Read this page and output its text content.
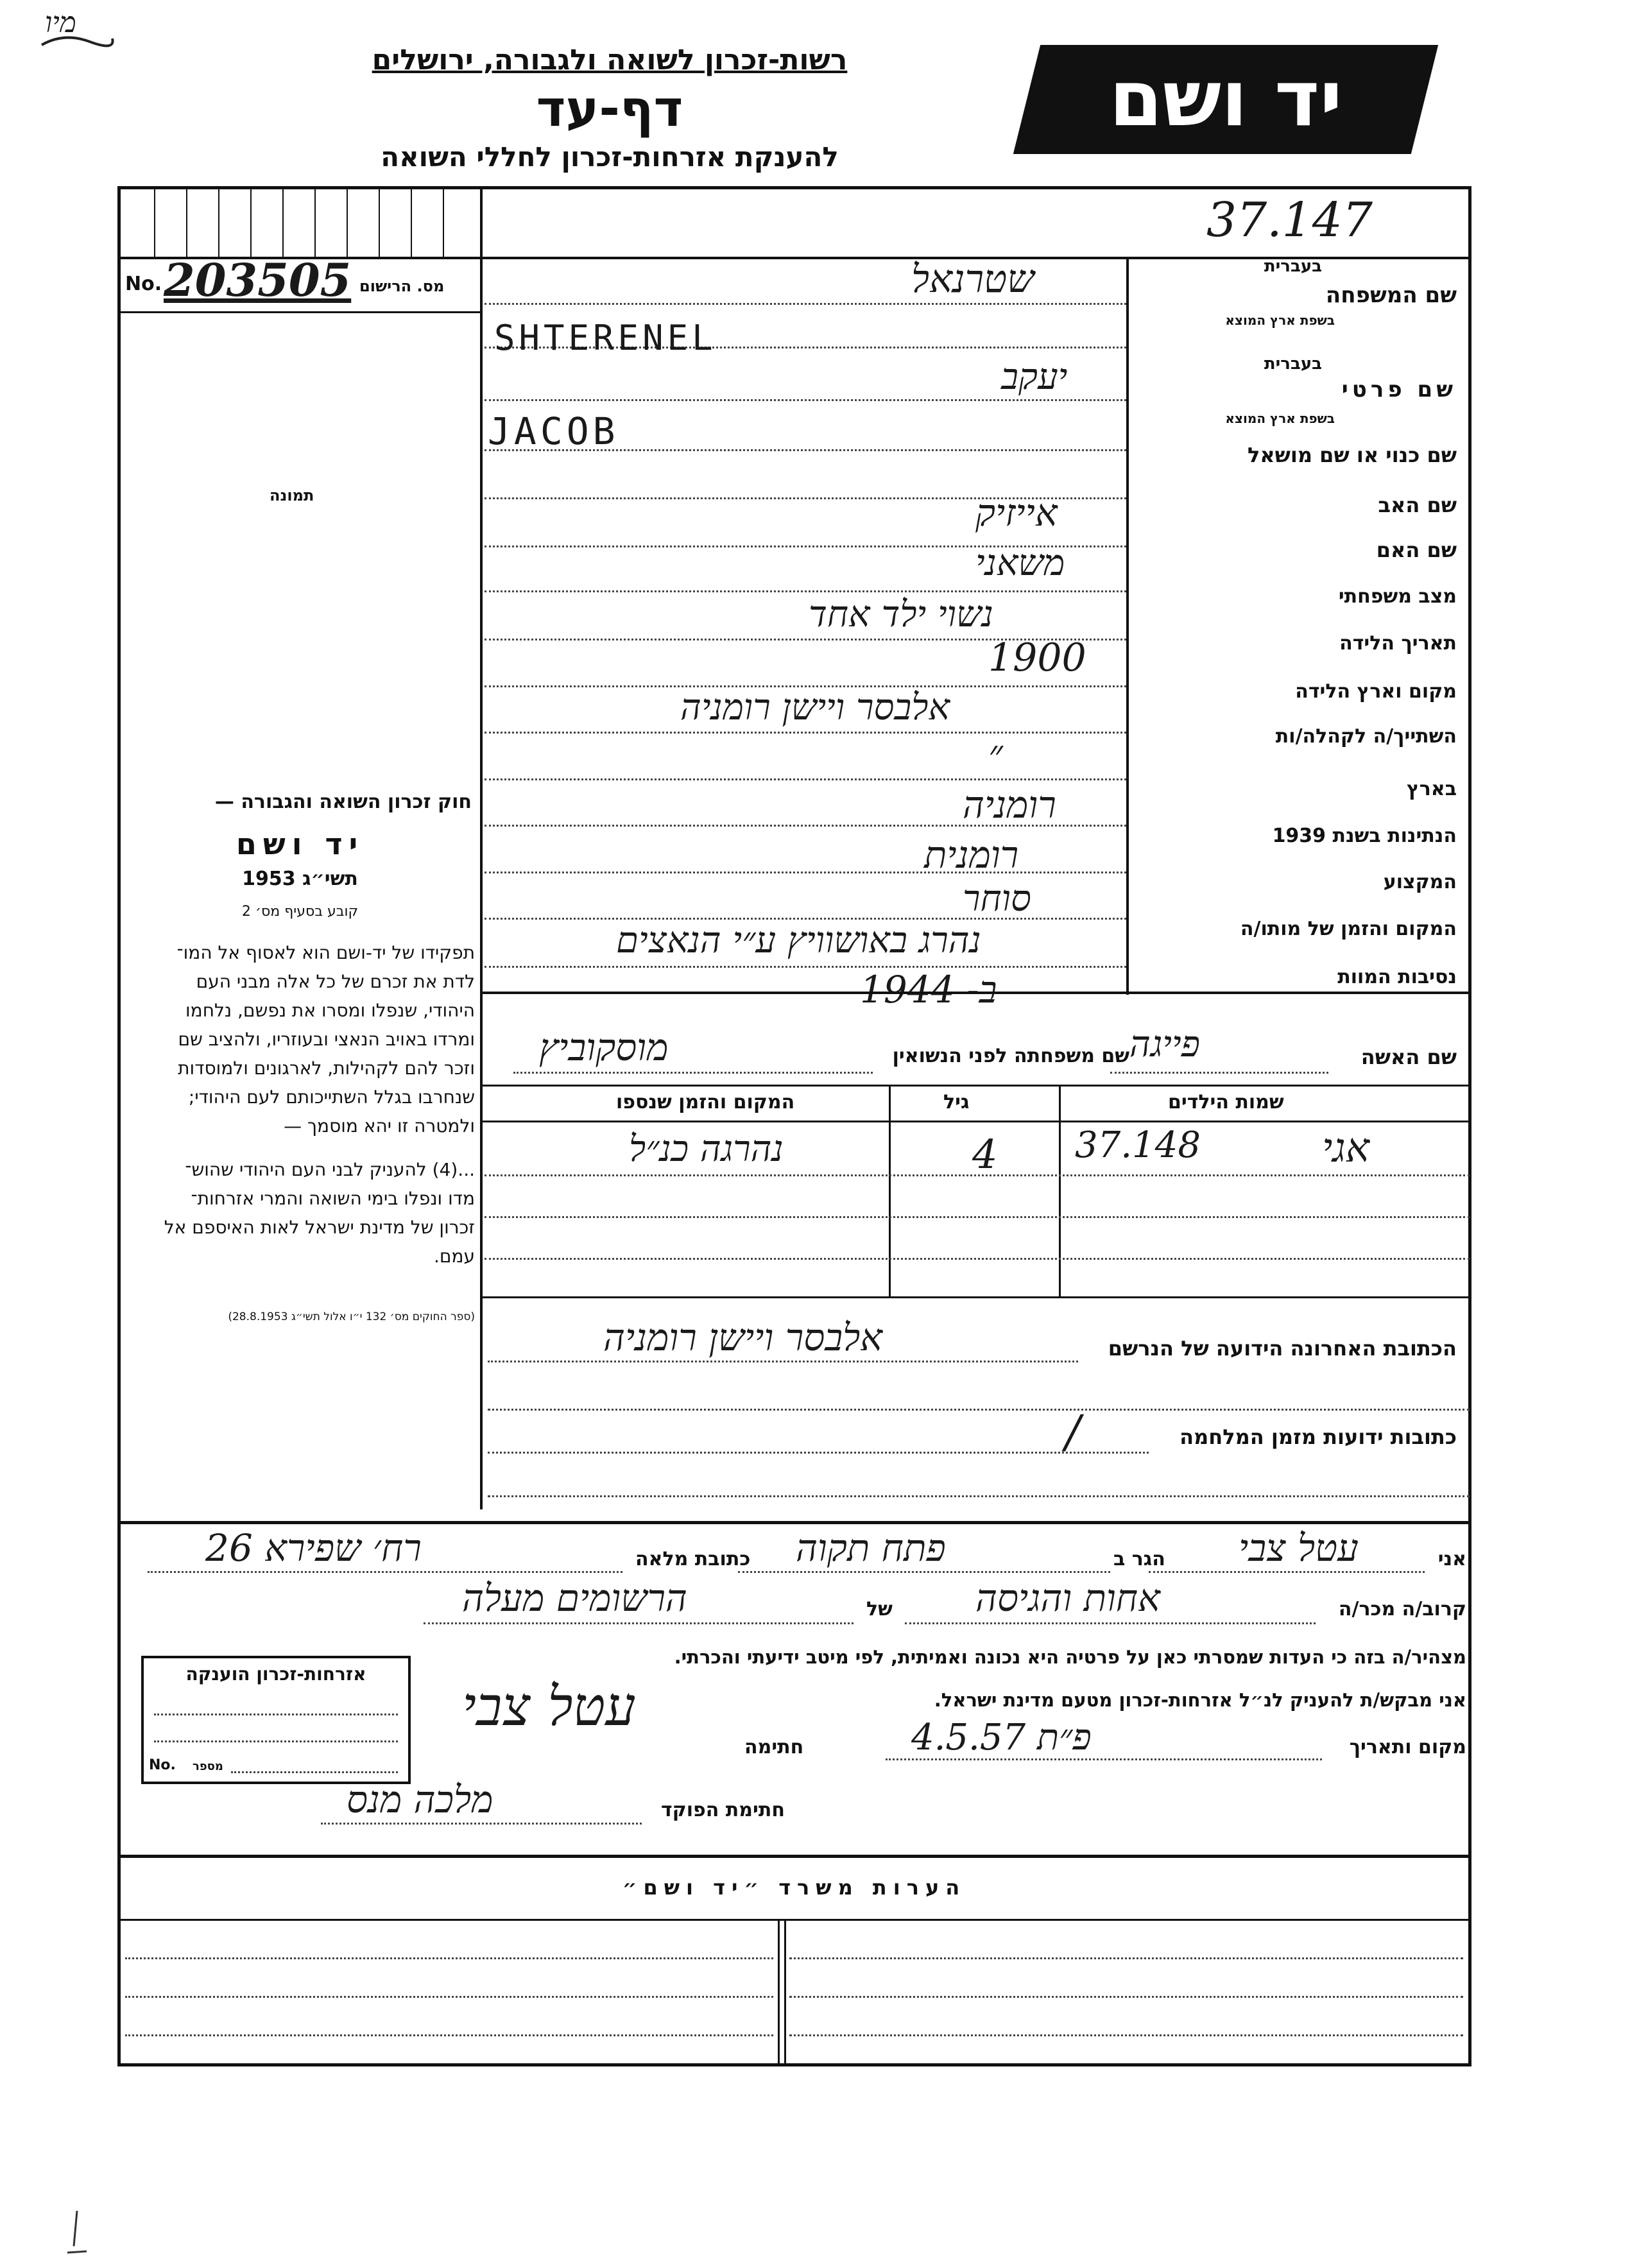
מיו
רשות-זכרון לשואה ולגבורה, ירושלים
דף-עד
להענקת אזרחות-זכרון לחללי השואה
יד ושם
37.147
No. 203505 מס. הרישום
תמונה
חוק זכרון השואה והגבורה —
יד ושם
תשי״ג 1953
קובע בסעיף מס׳ 2
תפקידו של יד-ושם הוא לאסוף אל המו־ לדת את זכרם של כל אלה מבני העם היהודי, שנפלו ומסרו את נפשם, נלחמו ומרדו באויב הנאצי ובעוזריו, ולהציב שם וזכר להם לקהילות, לארגונים ולמוסדות שנחרבו בגלל השתייכותם לעם היהודי; ולמטרה זו יהא מוסמך —
...(4) להעניק לבני העם היהודי שהוש־ מדו ונפלו בימי השואה והמרי אזרחות־ זכרון של מדינת ישראל לאות האיספם אל עמם.
(ספר החוקים מס׳ 132 י״ו אלול תשי״ג 28.8.1953)
שם המשפחה
בעברית
בשפת ארץ המוצא
שם פרטי
בעברית
בשפת ארץ המוצא
שם כנוי או שם מושאל
שם האב
שם האם
מצב משפחתי
תאריך הלידה
מקום וארץ הלידה
השתייך/ה לקהלה/ות
בארץ
הנתינות בשנת 1939
המקצוע
המקום והזמן של מותו/ה
נסיבות המוות
שטרנאל
SHTERENEL
יעקב
JACOB
אייזיק
משאני
נשוי ילד אחד
1900
אלבסר ויישן רומניה
״
רומניה
רומנית
סוחר
נהרג באושוויץ ע״י הנאצים
ב- 1944
שם האשה
פייגה
שם משפחתה לפני הנשואין
מוסקוביץ
שמות הילדים
גיל
המקום והזמן שנספו
אגי
37.148
4
נהרגה כנ״ל
הכתובת האחרונה הידועה של הנרשם
אלבסר ויישן רומניה
כתובות ידועות מזמן המלחמה
/
אני
עטל צבי
הגר ב
פתח תקוה
כתובת מלאה
רח׳ שפירא 26
קרוב/ה מכר/ה
אחות והגיסה
של
הרשומים מעלה
מצהיר/ה בזה כי העדות שמסרתי כאן על פרטיה היא נכונה ואמיתית, לפי מיטב ידיעתי והכרתי.
אני מבקש/ת להעניק לנ״ל אזרחות-זכרון מטעם מדינת ישראל.
מקום ותאריך
פ״ת 4.5.57
חתימה
עטל צבי
חתימת הפוקד
מלכה מנס
אזרחות-זכרון הוענקה
No. מספר
הערות משרד ״יד ושם״
